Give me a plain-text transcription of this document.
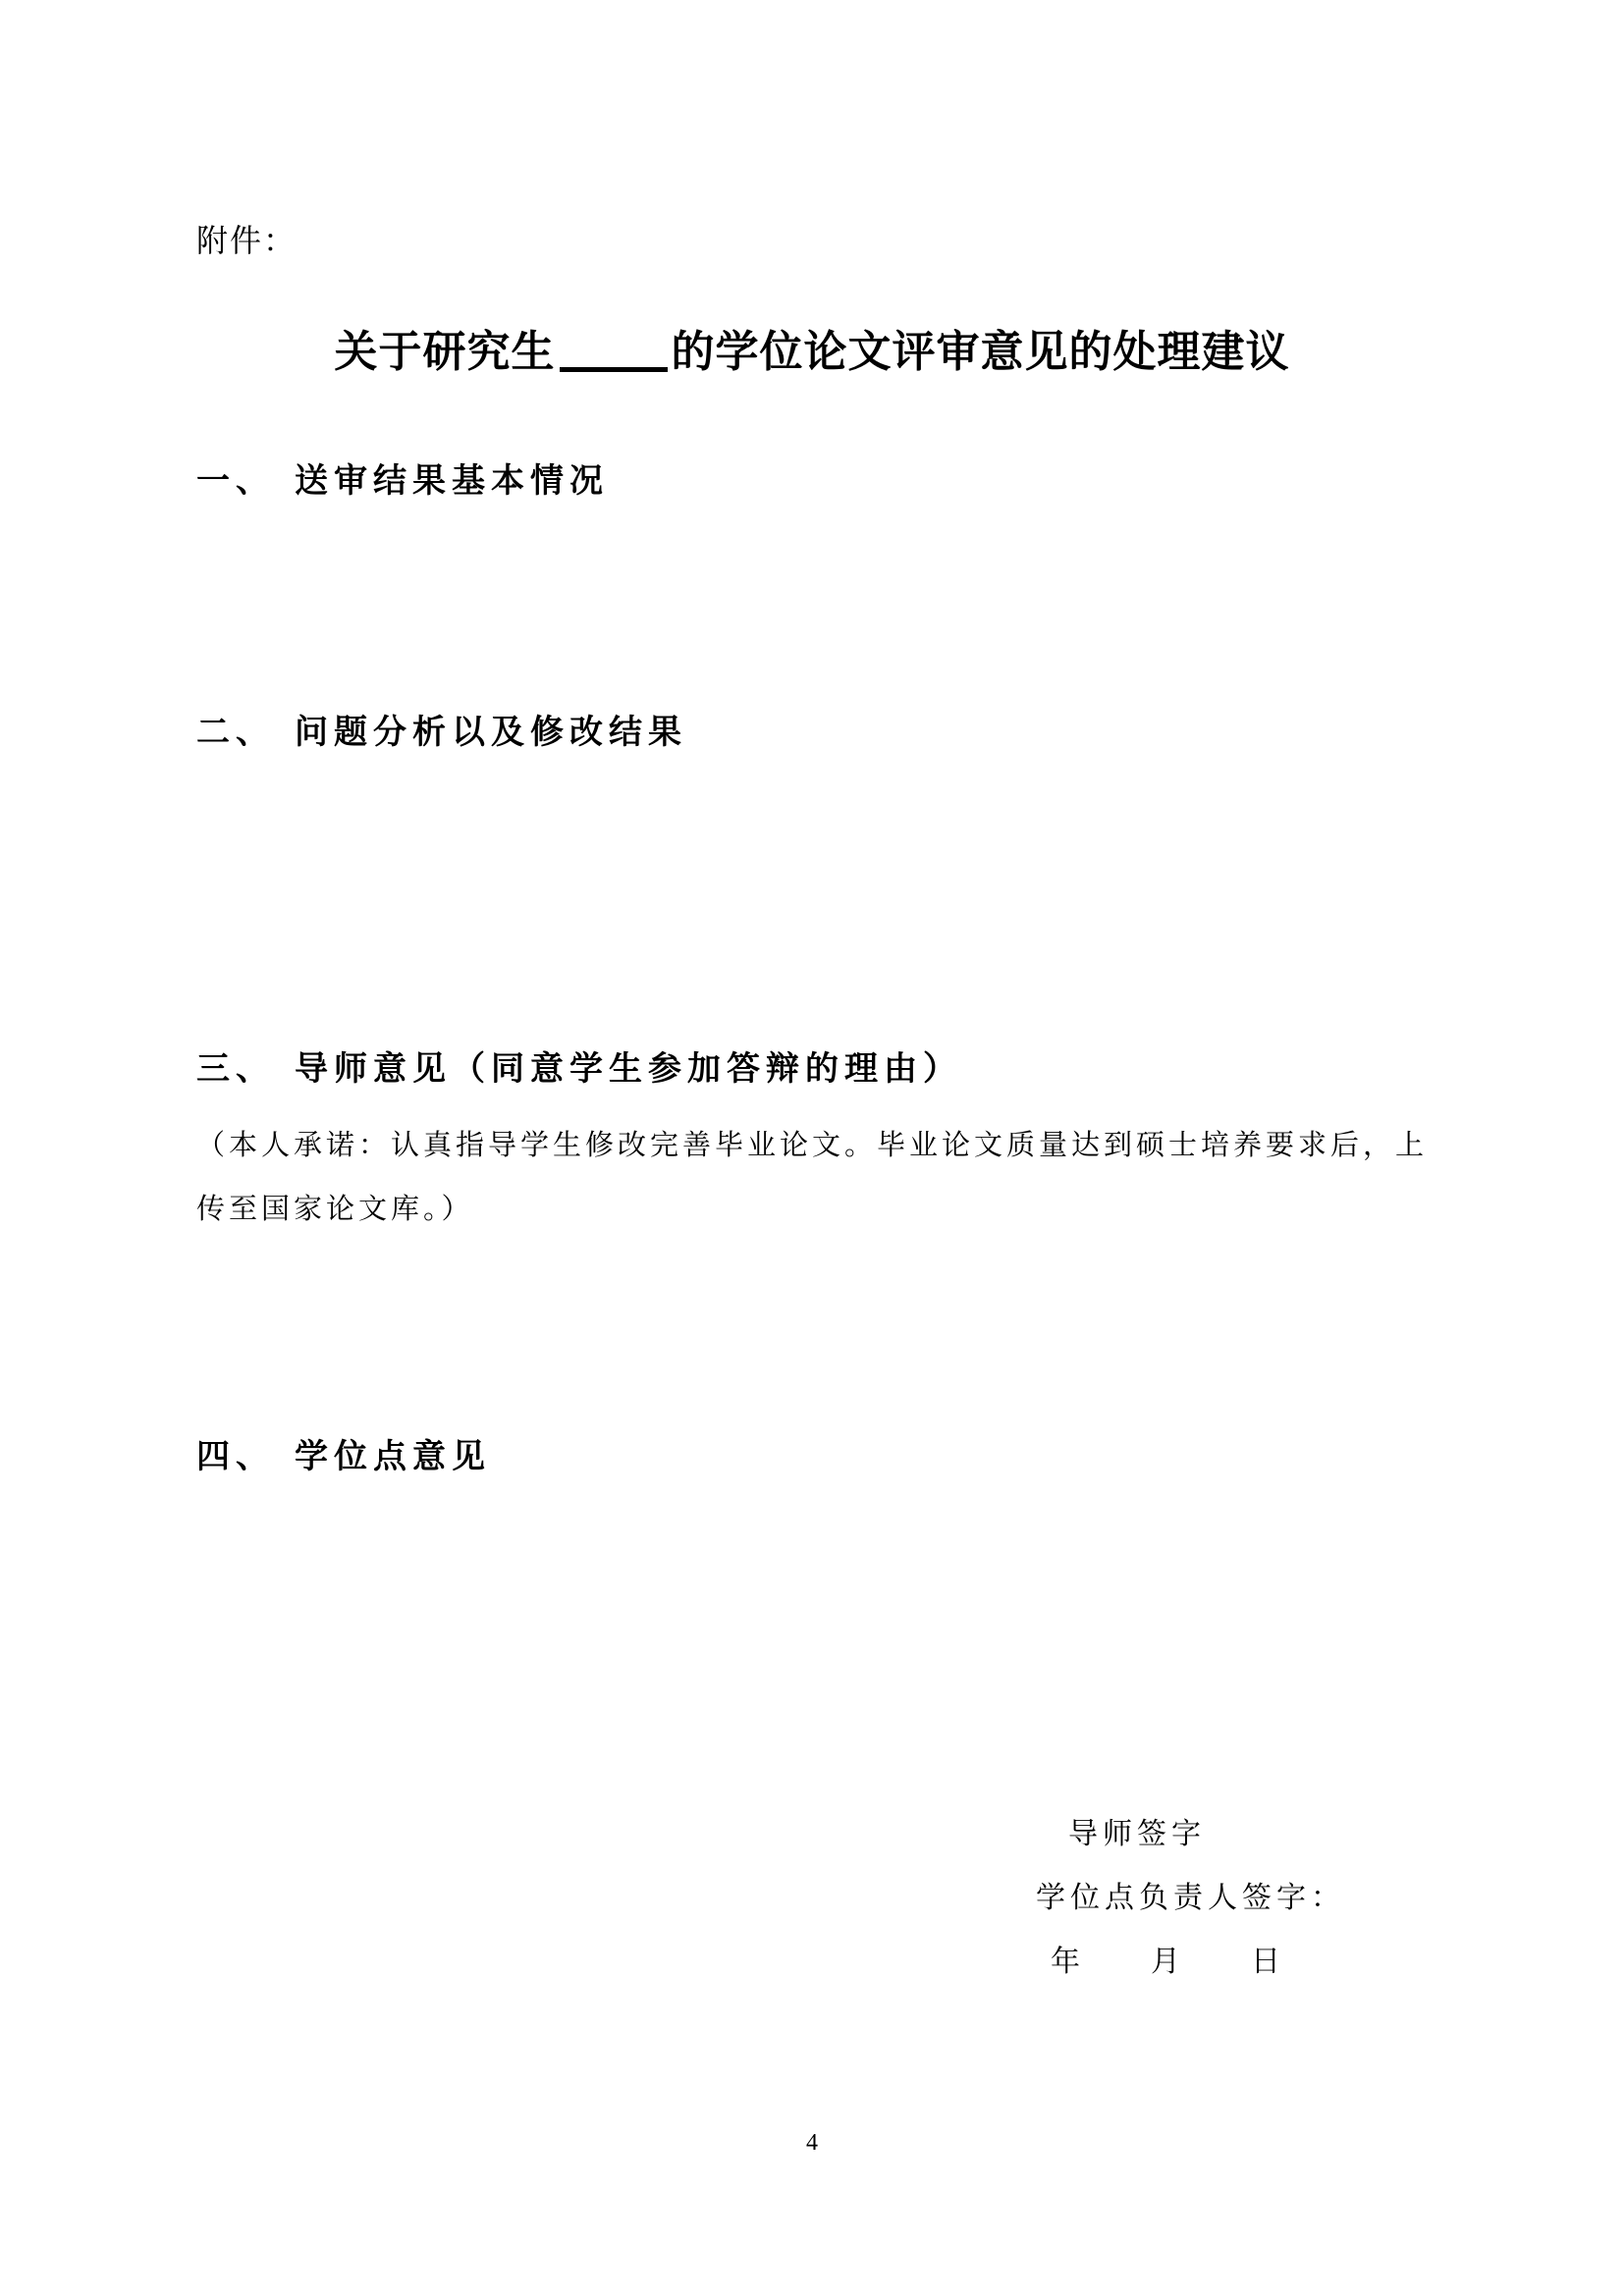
附件：
关于研究生	的学位论文评审意见的处理建议
一、 送审结果基本情况
二、 问题分析以及修改结果
三、 导师意见（同意学生参加答辩的理由）
（本人承诺：认真指导学生修改完善毕业论文。毕业论文质量达到硕士培养要求后，上
传至国家论文库。）
四、 学位点意见
导师签字
学位点负责人签字：
年 月 日
4
